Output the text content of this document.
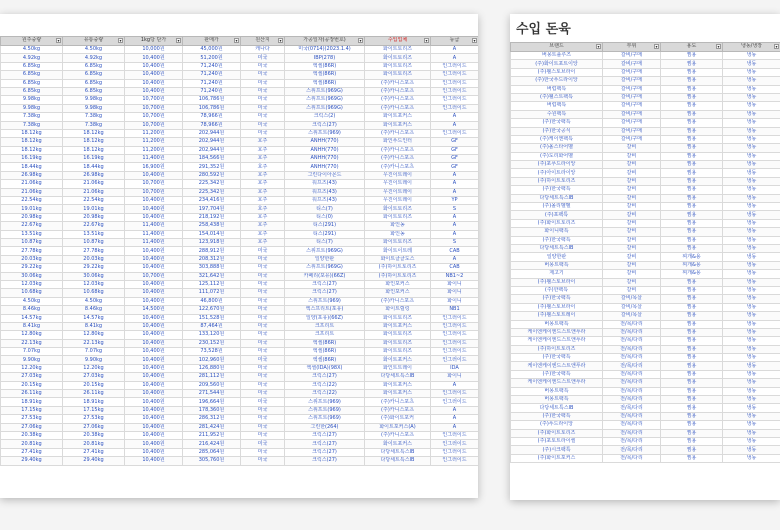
원주중량 ▾	유통중량 ▾	1kg당 단가 ▾	판매가 ▾	원산지 ▾	가공일자(공장번호) ▾	수입업체 ▾	등급 ▾

4.50kg	4.50kg	10,000원	45,000원	캐나다	미국(0714)(2023.1.4)	화이트토리즈	A
4.92kg	4.92kg	10,400원	51,200원	미국	IBP(278)	화이트토리즈	A
6.85kg	6.85kg	10,400원	71,240원	미국	엑셀(86R)	화이트토리즈	인그러이드
6.85kg	6.85kg	10,400원	71,240원	미국	엑셀(86R)	화이트토리즈	인그러이드
6.85kg	6.85kg	10,400원	71,240원	미국	엑셀(86R)	(주)카니스포츠	인그러이드
6.85kg	6.85kg	10,400원	71,240원	미국	스위프트(969G)	(주)카니스포츠	인그러이드
9.98kg	9.98kg	10,700원	106,786원	미국	스위프트(969G)	(주)카니스포츠	인그러이드
9.98kg	9.98kg	10,700원	106,786원	미국	스위프트(969G)	(주)카니스포츠	인그러이드
7.38kg	7.38kg	10,700원	78,966원	미국	크릭스(2)	화이트포커스	A
7.38kg	7.38kg	10,700원	78,966원	미국	크릭스(27)	화이트포커스	A
18.12kg	18.12kg	11,200원	202,944원	미국	스위프트(969)	(주)카니스포츠	인그러이드
18.12kg	18.12kg	11,200원	202,944원	호주	ANHH(770)	화인푸드인터	GF
18.12kg	18.12kg	11,200원	202,944원	호주	ANHH(770)	(주)카니스포츠	GF
16.19kg	16.19kg	11,400원	184,566원	호주	ANHH(770)	(주)카니스포츠	GF
18.44kg	18.44kg	16,900원	291,352원	호주	ANHH(770)	(주)카니스포츠	GF
26.98kg	26.98kg	10,400원	280,592원	호주	그린다이아몬드	우진이트레이	A
21.06kg	21.06kg	10,700원	225,342원	호주	워프즈(43)	우진이트레이	A
21.06kg	21.06kg	10,700원	225,342원	호주	워프즈(43)	우진이트레이	A
22.54kg	22.54kg	10,400원	234,416원	호주	워프즈(43)	우진이트레이	YP
19.01kg	19.01kg	10,400원	197,704원	호주	티스(7)	화이트토리즈	S
20.98kg	20.98kg	10,400원	218,192원	호주	티스(0)	화이트토리즈	A
22.67kg	22.67kg	11,400원	258,438원	호주	티스(291)	화인농	A
13.51kg	13.51kg	11,400원	154,014원	호주	티스(291)	화인농	A
10.87kg	10.87kg	11,400원	123,918원	호주	티스(7)	화이트토리즈	S
27.78kg	27.78kg	10,400원	288,912원	미국	스위프트(969G)	화이트이트레	CAB
20.03kg	20.03kg	10,400원	208,312원	미국	일양한판	화이트클클도스	A
29.22kg	29.22kg	10,400원	303,888원	미국	스위프트(969G)	(주)하이트토리즈	CAB
30.06kg	30.06kg	10,700원	321,642원	미국	카페리(포유)(66Z)	(주)하이트토리즈	NB1~2
12.03kg	12.03kg	10,400원	125,112원	미국	크릭스(27)	화인포커스	화이니
10.68kg	10.68kg	10,400원	111,072원	미국	크릭스(27)	화인포커스	화이니
4.50kg	4.50kg	10,400원	46,800원	미국	스위프트(969)	(주)카니스포츠	화이니
8.46kg	8.46kg	14,500원	122,670원	미국	엑스프리트(포유)	화이트릴링	NB1
14.57kg	14.57kg	10,400원	151,528원	미국	일양(포유)(66Z)	화이트토리즈	인그러이드
8.41kg	8.41kg	10,400원	87,464원	미국	크프리트	화이트포커스	인그러이드
12.80kg	12.80kg	10,400원	133,120원	미국	크프리트	화이트토리즈	인그러이드
22.13kg	22.13kg	10,400원	230,152원	미국	엑셀(86R)	화이트토리즈	인그러이드
7.07kg	7.07kg	10,400원	73,528원	미국	엑셀(86R)	화이트토리즈	인그러이드
9.90kg	9.90kg	10,400원	102,960원	미국	엑셀(86R)	화이트포커스	인그러이드
12.20kg	12.20kg	10,400원	126,880원	미국	엑셀(IDA)(98X)	화인트트레이	IDA
27.03kg	27.03kg	10,400원	281,112원	미국	크릭스(27)	다당세트특스IB	화이니
20.15kg	20.15kg	10,400원	209,560원	미국	크릭스(22)	화이트포커스	A
26.11kg	26.11kg	10,400원	271,544원	미국	크릭스(22)	화이트포커스	인그러이드
18.91kg	18.91kg	10,400원	196,664원	미국	스위프트(969)	(주)카니스포츠	인그러이드
17.15kg	17.15kg	10,400원	178,360원	미국	스위프트(969)	(주)카니스포츠	A
27.53kg	27.53kg	10,400원	286,312원	미국	스위프트(969)	(주)화이트포커	A
27.06kg	27.06kg	10,400원	281,424원	미국	그린한(264)	화이트포커스(A)	A
20.38kg	20.38kg	10,400원	211,952원	미국	크릭스(27)	(주)카니스포츠	인그러이드
20.81kg	20.81kg	10,400원	216,424원	미국	크릭스(27)	화이트포커스	인그러이드
27.41kg	27.41kg	10,400원	285,064원	미국	크릭스(27)	다당세트특스IB	인그러이드
29.40kg	29.40kg	10,400원	305,760원	미국	크릭스(27)	다당세트특스IB	인그러이드
수입 돈육
브랜드 ▾	부위 ▾	용도 ▾	냉동/냉장 ▾

버몽트플루즈	갈비/구매	찜용	냉동
(주)화이트포트이앙	갈비/구매	찜용	냉동
(주)웰스토브라이	갈비/구매	찜용	냉동
(주)한국푸드라이앙	갈비/구매	찜용	냉동
버럽팩특	갈비/구매	찜용	냉동
(주)웰스트팩특	갈비/구매	찜용	냉동
버럽팩특	갈비/구매	찜용	냉동
수원팩특	갈비/구매	찜용	냉동
(주)한국팩특	갈비/구매	찜용	냉동
(주)한국공식	갈비/구매	찜용	냉동
(주)케이엔팩특	갈비/구매	찜용	냉동
(주)올스타어벨	갈비	찜용	냉동
(주)도리화어벨	갈비	찜용	냉동
(주)포푸드라이앙	갈비	찜용	냉동
(주)아이트라이앙	갈비	찜용	냉동
(주)하이트토리즈	갈비	찜용	냉동
(주)한국팩특	갈비	찜용	냉동
다당세트특스IB	갈비	찜용	냉동
(주)올리벨벨	갈비	찜용	냉동
(주)포팩특	갈비	찜용	냉동
(주)화이트토리즈	갈비	찜용	냉동
화이니팩특	갈비	찜용	냉동
(주)한국팩특	갈비	찜용	냉동
다당세트특스IB	갈비	찜용	냉동
일양한판	갈비	찌개&용	냉동
버몽트팩특	갈비	찌개&용	냉동
제고기	갈비	찌개&용	냉동
(주)웰스토브라이	갈비	찜용	냉동
(주)한팩특	갈비	찜용	냉동
(주)한국팩특	갈비/목살	찜용	냉동
(주)웰스토브라이	갈비/목살	찜용	냉동
(주)웰스토트레이	갈비/목살	찜용	냉동
버몽트팩특	전/목/다리	찜용	냉동
케이엔케이엔드스트앤푸라	전/목/다리	찜용	냉동
케이엔케이엔드스트앤푸라	전/목/다리	찜용	냉동
(주)하이트토리즈	전/목/다리	찜용	냉동
(주)한국팩특	전/목/다리	찜용	냉동
케이엔케이엔드스트앤푸라	전/목/다리	찜용	냉동
(주)한국팩특	전/목/다리	찜용	냉동
케이엔케이엔드스트앤푸라	전/목/다리	찜용	냉동
버몽트팩특	전/목/다리	찜용	냉동
버몽트팩특	전/목/다리	찜용	냉동
다당세트특스IB	전/목/다리	찜용	냉동
(주)한국팩특	전/목/다리	찜용	냉동
(주)푸드라이앙	전/목/다리	찜용	냉동
(주)화이트토리즈	전/목/다리	찜용	냉동
(주)포토트라이셀	전/목/다리	찜용	냉동
(주)시크팩특	전/목/다리	찜용	냉동
(주)화이트포커스	전/목/다리	찜용	냉동
